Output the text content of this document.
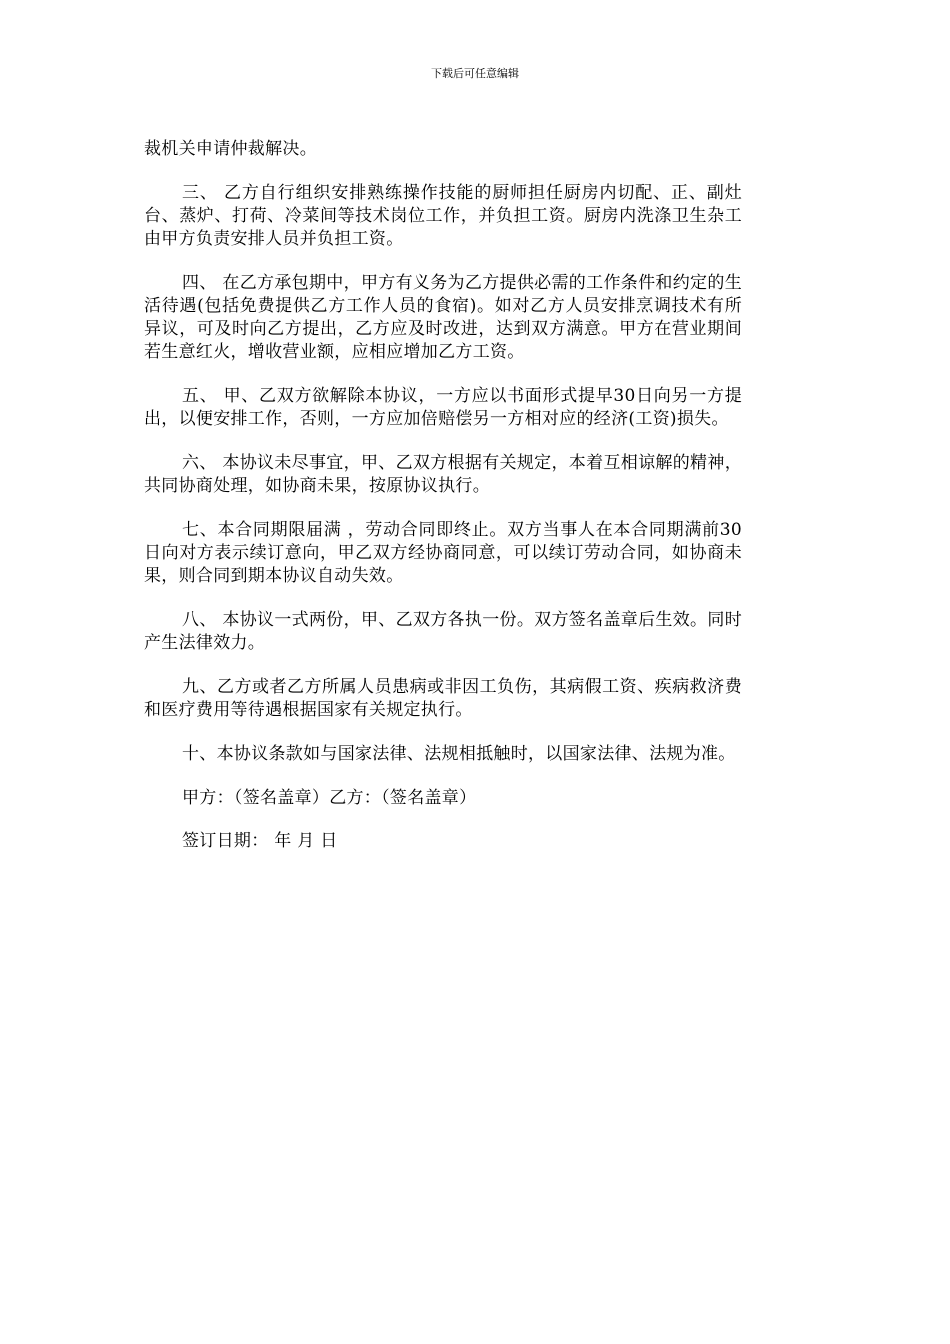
下载后可任意编辑

裁机关申请仲裁解决。

三、 乙方自行组织安排熟练操作技能的厨师担任厨房内切配、正、副灶台、蒸炉、打荷、冷菜间等技术岗位工作，并负担工资。厨房内洗涤卫生杂工由甲方负责安排人员并负担工资。

四、 在乙方承包期中，甲方有义务为乙方提供必需的工作条件和约定的生活待遇(包括免费提供乙方工作人员的食宿)。如对乙方人员安排烹调技术有所异议，可及时向乙方提出，乙方应及时改进，达到双方满意。甲方在营业期间若生意红火，增收营业额，应相应增加乙方工资。

五、 甲、乙双方欲解除本协议，一方应以书面形式提早30日向另一方提出，以便安排工作，否则，一方应加倍赔偿另一方相对应的经济(工资)损失。

六、 本协议未尽事宜，甲、乙双方根据有关规定，本着互相谅解的精神，共同协商处理，如协商未果，按原协议执行。

七、本合同期限届满 ，劳动合同即终止。双方当事人在本合同期满前30日向对方表示续订意向，甲乙双方经协商同意，可以续订劳动合同，如协商未果，则合同到期本协议自动失效。

八、 本协议一式两份，甲、乙双方各执一份。双方签名盖章后生效。同时产生法律效力。

九、乙方或者乙方所属人员患病或非因工负伤，其病假工资、疾病救济费和医疗费用等待遇根据国家有关规定执行。

十、本协议条款如与国家法律、法规相抵触时，以国家法律、法规为准。

甲方：（签名盖章）乙方：（签名盖章）

签订日期： 年 月 日
